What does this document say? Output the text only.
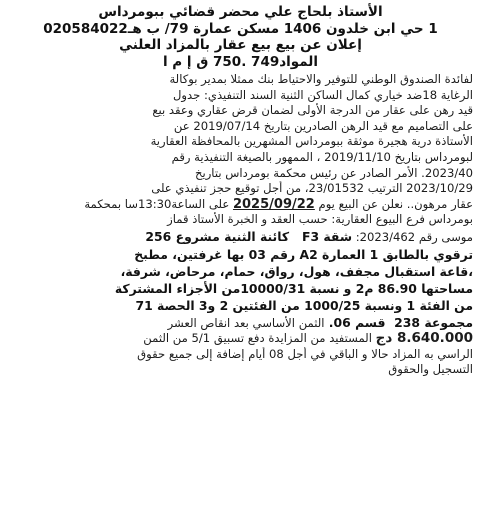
الأستاذ بلحاج علي محضر قضائي ببومرداس
1 حي ابن خلدون 1406 مسكن عمارة 79/ ب هـ020584022
إعلان عن بيع بيع عقار بالمزاد العلني
المواد749 .750 ق إ م ا
لفائدة الصندوق الوطني للتوفير والاحتياط بنك ممثلا بمدير بوكالة
الرغاية 18ضد خياري كمال الساكن الثنية السند التنفيذي: جدول
قيد رهن على عقار من الدرجة الأولى لضمان قرض عقاري وعقد بيع
على التصاميم مع قيد الرهن الصادرين بتاريخ 2019/07/14 عن
الأستاذة درية هجيرة موثقة ببومرداس المشهرين بالمحافظة العقارية
لبومرداس بتاريخ 2019/11/10 ، الممهور بالصيغة التنفيذية رقم
2023/40. الأمر الصادر عن رئيس محكمة بومرداس بتاريخ
2023/10/29 الترتيب 23/01532، من أجل توقيع حجز تنفيذي على
عقار مرهون.. نعلن عن البيع يوم 2025/09/22 على الساعة13:30سا بمحكمة
بومرداس فرع البيوع العقارية: حسب العقد و الخبرة الأستاذ قماز
موسى رقم 2023/462: شقة F3   كائنة الثنية مشروع 256
ترقوي بالطابق 1 العمارة A2 رقم 03 بها غرفتين، مطبخ
،قاعة استقبال مجفف، هول، رواق، حمام، مرحاض، شرفة،
مساحتها 86.90 م2 و نسبة 10000/31من الأجزاء المشتركة
من الفئة 1 ونسبة 1000/25 من الفئتين 2 و3 الحصة 71
مجموعة 238  قسم 06. الثمن الأساسي بعد انقاص العشر
8.640.000 دج المستفيد من المزايدة دفع تسبيق 5/1 من الثمن
الراسي به المزاد حالا و الباقي في أجل 08 أيام إضافة إلى جميع حقوق
التسجيل والحقوق
